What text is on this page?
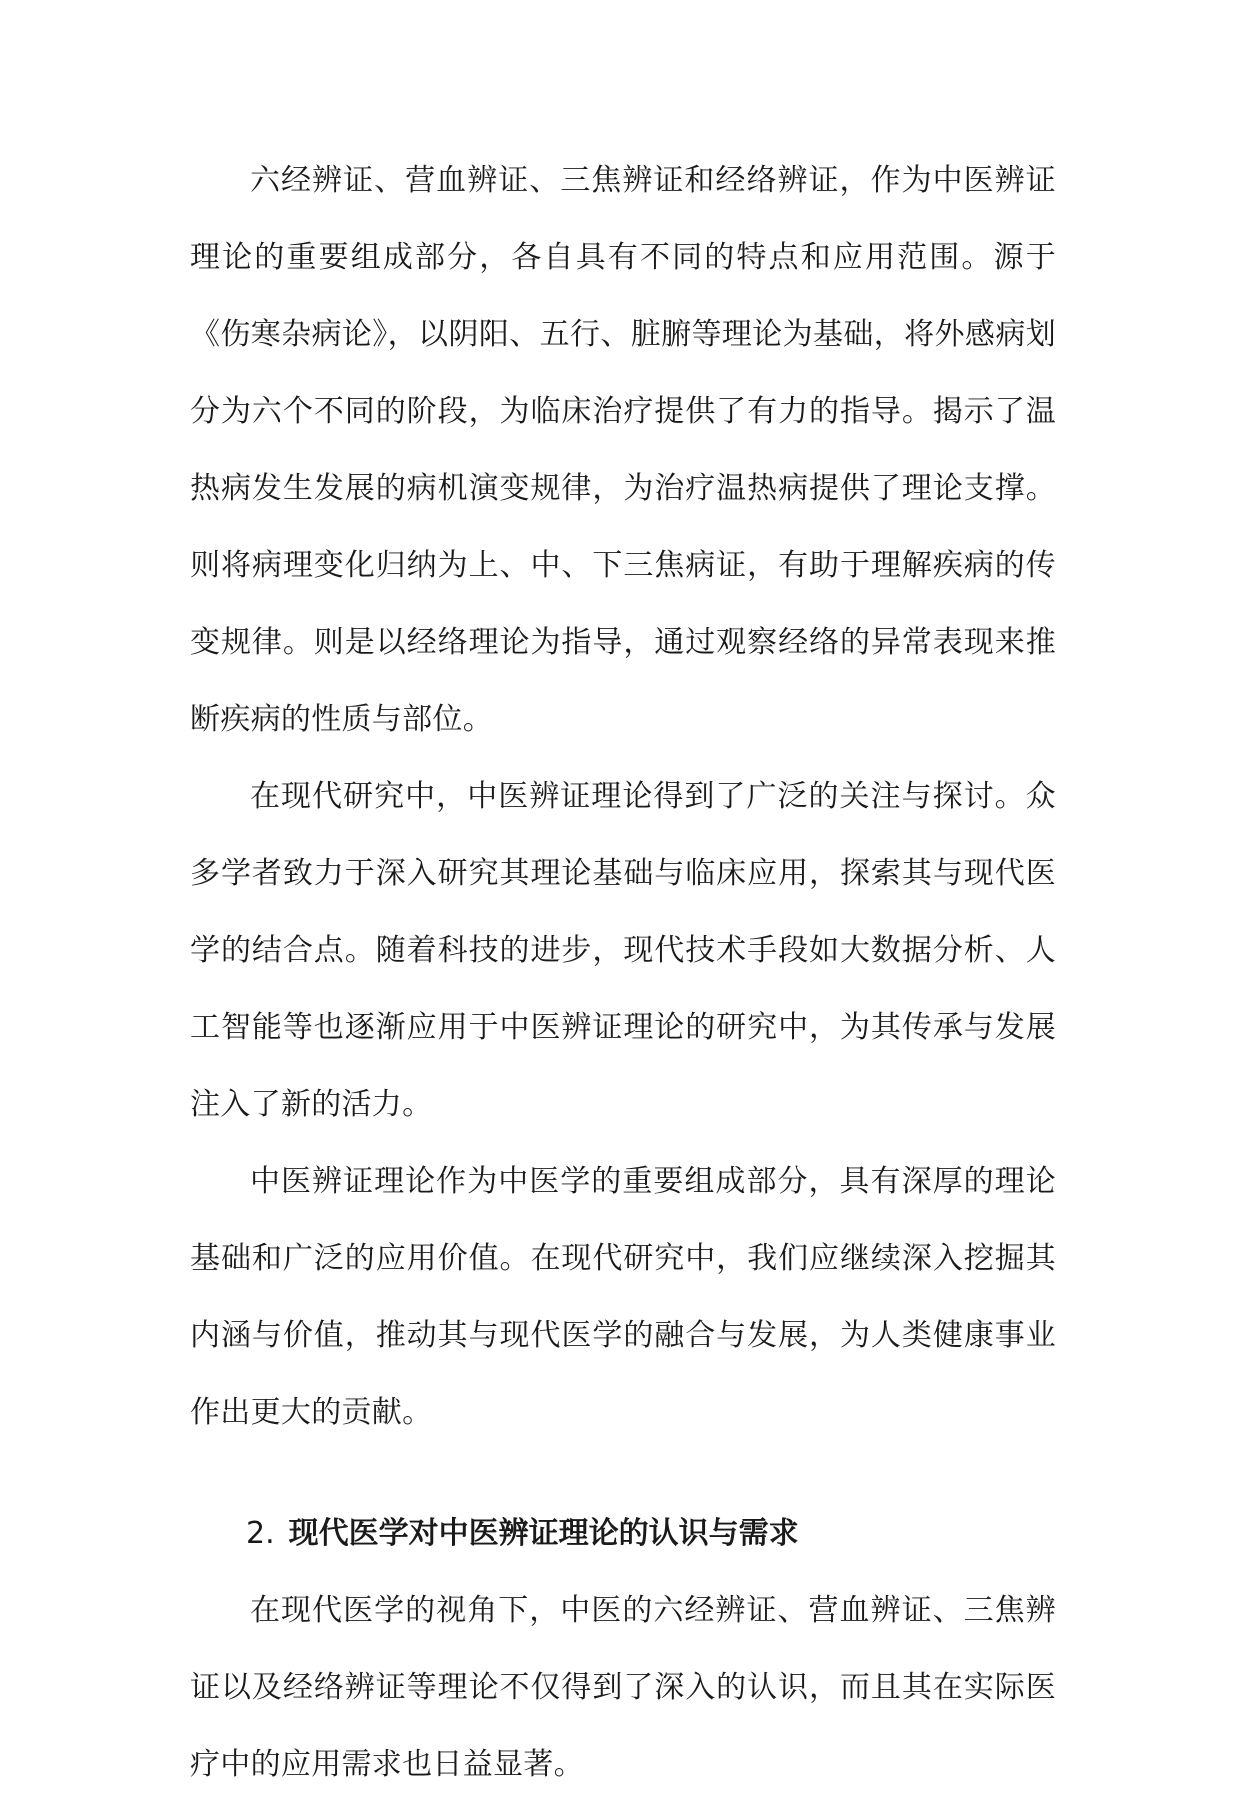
六经辨证、营血辨证、三焦辨证和经络辨证，作为中医辨证理论的重要组成部分，各自具有不同的特点和应用范围。源于《伤寒杂病论》，以阴阳、五行、脏腑等理论为基础，将外感病划分为六个不同的阶段，为临床治疗提供了有力的指导。揭示了温热病发生发展的病机演变规律，为治疗温热病提供了理论支撑。则将病理变化归纳为上、中、下三焦病证，有助于理解疾病的传变规律。则是以经络理论为指导，通过观察经络的异常表现来推断疾病的性质与部位。

在现代研究中，中医辨证理论得到了广泛的关注与探讨。众多学者致力于深入研究其理论基础与临床应用，探索其与现代医学的结合点。随着科技的进步，现代技术手段如大数据分析、人工智能等也逐渐应用于中医辨证理论的研究中，为其传承与发展注入了新的活力。

中医辨证理论作为中医学的重要组成部分，具有深厚的理论基础和广泛的应用价值。在现代研究中，我们应继续深入挖掘其内涵与价值，推动其与现代医学的融合与发展，为人类健康事业作出更大的贡献。

2. 现代医学对中医辨证理论的认识与需求

在现代医学的视角下，中医的六经辨证、营血辨证、三焦辨证以及经络辨证等理论不仅得到了深入的认识，而且其在实际医疗中的应用需求也日益显著。
